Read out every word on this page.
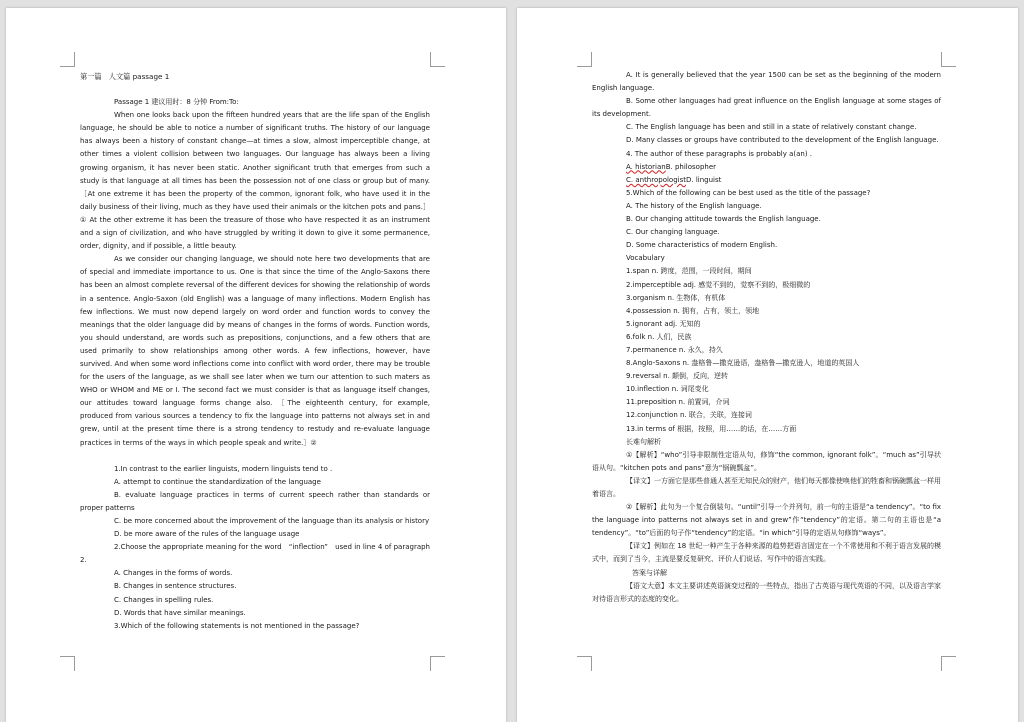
第一篇　人文篇 passage 1

Passage 1 建议用时：8 分钟 From:To:

When one looks back upon the fifteen hundred years that are the life span of the English language, he should be able to notice a number of significant truths. The history of our language has always been a history of constant change—at times a slow, almost imperceptible change, at other times a violent collision between two languages. Our language has always been a living growing organism, it has never been static. Another significant truth that emerges from such a study is that language at all times has been the possession not of one class or group but of many. ［At one extreme it has been the property of the common, ignorant folk, who have used it in the daily business of their living, much as they have used their animals or the kitchen pots and pans.］① At the other extreme it has been the treasure of those who have respected it as an instrument and a sign of civilization, and who have struggled by writing it down to give it some permanence, order, dignity, and if possible, a little beauty.

As we consider our changing language, we should note here two developments that are of special and immediate importance to us. One is that since the time of the Anglo-Saxons there has been an almost complete reversal of the different devices for showing the relationship of words in a sentence. Anglo-Saxon (old English) was a language of many inflections. Modern English has few inflections. We must now depend largely on word order and function words to convey the meanings that the older language did by means of changes in the forms of words. Function words, you should understand, are words such as prepositions, conjunctions, and a few others that are used primarily to show relationships among other words. A few inflections, however, have survived. And when some word inflections come into conflict with word order, there may be trouble for the users of the language, as we shall see later when we turn our attention to such maters as WHO or WHOM and ME or I. The second fact we must consider is that as language itself changes, our attitudes toward language forms change also. ［The eighteenth century, for example, produced from various sources a tendency to fix the language into patterns not always set in and grew, until at the present time there is a strong tendency to restudy and re-evaluate language practices in terms of the ways in which people speak and write.］②

1.In contrast to the earlier linguists, modern linguists tend to .

A. attempt to continue the standardization of the language

B. evaluate language practices in terms of current speech rather than standards or proper patterns

C. be more concerned about the improvement of the language than its analysis or history

D. be more aware of the rules of the language usage

2.Choose the appropriate meaning for the word　“inflection”　used in line 4 of paragraph 2.

A. Changes in the forms of words.

B. Changes in sentence structures.

C. Changes in spelling rules.

D. Words that have similar meanings.

3.Which of the following statements is not mentioned in the passage?

A. It is generally believed that the year 1500 can be set as the beginning of the modern English language.

B. Some other languages had great influence on the English language at some stages of its development.

C. The English language has been and still in a state of relatively constant change.

D. Many classes or groups have contributed to the development of the English language.

4. The author of these paragraphs is probably a(an) .

A. historianB. philosopher

C. anthropologistD. linguist

5.Which of the following can be best used as the title of the passage?

A. The history of the English language.

B. Our changing attitude towards the English language.

C. Our changing language.

D. Some characteristics of modern English.

Vocabulary

1.span n. 跨度，范围，一段时间，期间

2.imperceptible adj. 感觉不到的，觉察不到的，极细微的

3.organism n. 生物体，有机体

4.possession n. 拥有，占有，领土，领地

5.ignorant adj. 无知的

6.folk n. 人们，民族

7.permanence n. 永久，持久

8.Anglo-Saxons n. 盎格鲁—撒克逊语，盎格鲁—撒克逊人，地道的英国人

9.reversal n. 颠倒，反向，逆转

10.inflection n. 词尾变化

11.preposition n. 前置词，介词

12.conjunction n. 联合，关联，连接词

13.in terms of 根据，按照，用……的话，在……方面

长难句解析

①【解析】“who”引导非限制性定语从句，修饰“the common, ignorant folk”。“much as”引导状语从句。“kitchen pots and pans”意为“锅碗瓢盆”。

【译文】一方面它是那些普通人甚至无知民众的财产，他们每天都像使唤他们的牲畜和锅碗瓢盆一样用着语言。

②【解析】此句为一个复合倒装句。“until”引导一个并列句，前一句的主语是“a tendency”。“to fix the language into patterns not always set in and grew”作“tendency”的定语。第二句的主语也是“a tendency”。“to”后面的句子作“tendency”的定语。“in which”引导的定语从句修饰“ways”。

【译文】例如在 18 世纪一种产生于各种来源的趋势把语言固定在一个不常使用和不利于语言发展的模式中，而到了当今，主流是要反复研究、评价人们说话、写作中的语言实践。

答案与详解

【语文大意】本文主要讲述英语演变过程的一些特点，指出了古英语与现代英语的不同，以及语言学家对待语言形式的态度的变化。
